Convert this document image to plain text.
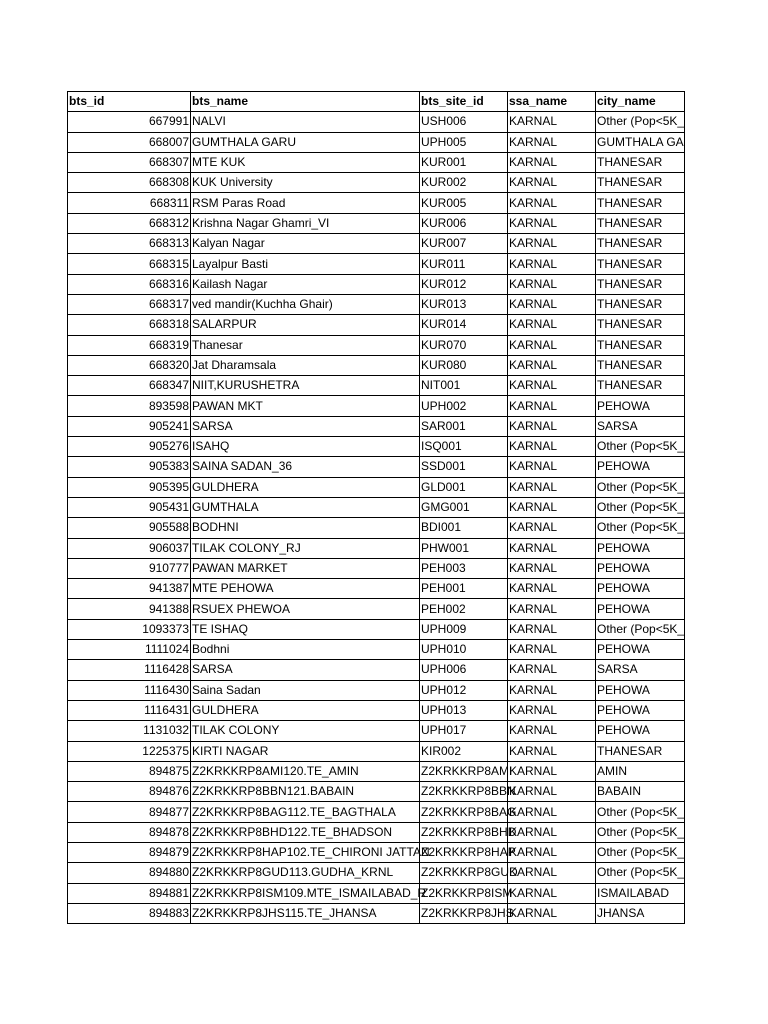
bts_id	bts_name	bts_site_id	ssa_name	city_name
667991	NALVI	USH006	KARNAL	Other (Pop<5K_
668007	GUMTHALA GARU	UPH005	KARNAL	GUMTHALA GA
668307	MTE KUK	KUR001	KARNAL	THANESAR
668308	KUK University	KUR002	KARNAL	THANESAR
668311	RSM Paras Road	KUR005	KARNAL	THANESAR
668312	Krishna Nagar Ghamri_VI	KUR006	KARNAL	THANESAR
668313	Kalyan Nagar	KUR007	KARNAL	THANESAR
668315	Layalpur Basti	KUR011	KARNAL	THANESAR
668316	Kailash Nagar	KUR012	KARNAL	THANESAR
668317	ved mandir(Kuchha Ghair)	KUR013	KARNAL	THANESAR
668318	SALARPUR	KUR014	KARNAL	THANESAR
668319	Thanesar	KUR070	KARNAL	THANESAR
668320	Jat Dharamsala	KUR080	KARNAL	THANESAR
668347	NIIT,KURUSHETRA	NIT001	KARNAL	THANESAR
893598	PAWAN MKT	UPH002	KARNAL	PEHOWA
905241	SARSA	SAR001	KARNAL	SARSA
905276	ISAHQ	ISQ001	KARNAL	Other (Pop<5K_
905383	SAINA SADAN_36	SSD001	KARNAL	PEHOWA
905395	GULDHERA	GLD001	KARNAL	Other (Pop<5K_
905431	GUMTHALA	GMG001	KARNAL	Other (Pop<5K_
905588	BODHNI	BDI001	KARNAL	Other (Pop<5K_
906037	TILAK COLONY_RJ	PHW001	KARNAL	PEHOWA
910777	PAWAN MARKET	PEH003	KARNAL	PEHOWA
941387	MTE PEHOWA	PEH001	KARNAL	PEHOWA
941388	RSUEX PHEWOA	PEH002	KARNAL	PEHOWA
1093373	TE ISHAQ	UPH009	KARNAL	Other (Pop<5K_
1111024	Bodhni	UPH010	KARNAL	PEHOWA
1116428	SARSA	UPH006	KARNAL	SARSA
1116430	Saina Sadan	UPH012	KARNAL	PEHOWA
1116431	GULDHERA	UPH013	KARNAL	PEHOWA
1131032	TILAK COLONY	UPH017	KARNAL	PEHOWA
1225375	KIRTI NAGAR	KIR002	KARNAL	THANESAR
894875	Z2KRKKRP8AMI120.TE_AMIN	Z2KRKKRP8AMI	KARNAL	AMIN
894876	Z2KRKKRP8BBN121.BABAIN	Z2KRKKRP8BBN	KARNAL	BABAIN
894877	Z2KRKKRP8BAG112.TE_BAGTHALA	Z2KRKKRP8BAG	KARNAL	Other (Pop<5K_
894878	Z2KRKKRP8BHD122.TE_BHADSON	Z2KRKKRP8BHD	KARNAL	Other (Pop<5K_
894879	Z2KRKKRP8HAP102.TE_CHIRONI JATTAN	Z2KRKKRP8HAP	KARNAL	Other (Pop<5K_
894880	Z2KRKKRP8GUD113.GUDHA_KRNL	Z2KRKKRP8GUD	KARNAL	Other (Pop<5K_
894881	Z2KRKKRP8ISM109.MTE_ISMAILABAD_R	Z2KRKKRP8ISM	KARNAL	ISMAILABAD
894883	Z2KRKKRP8JHS115.TE_JHANSA	Z2KRKKRP8JHS	KARNAL	JHANSA
